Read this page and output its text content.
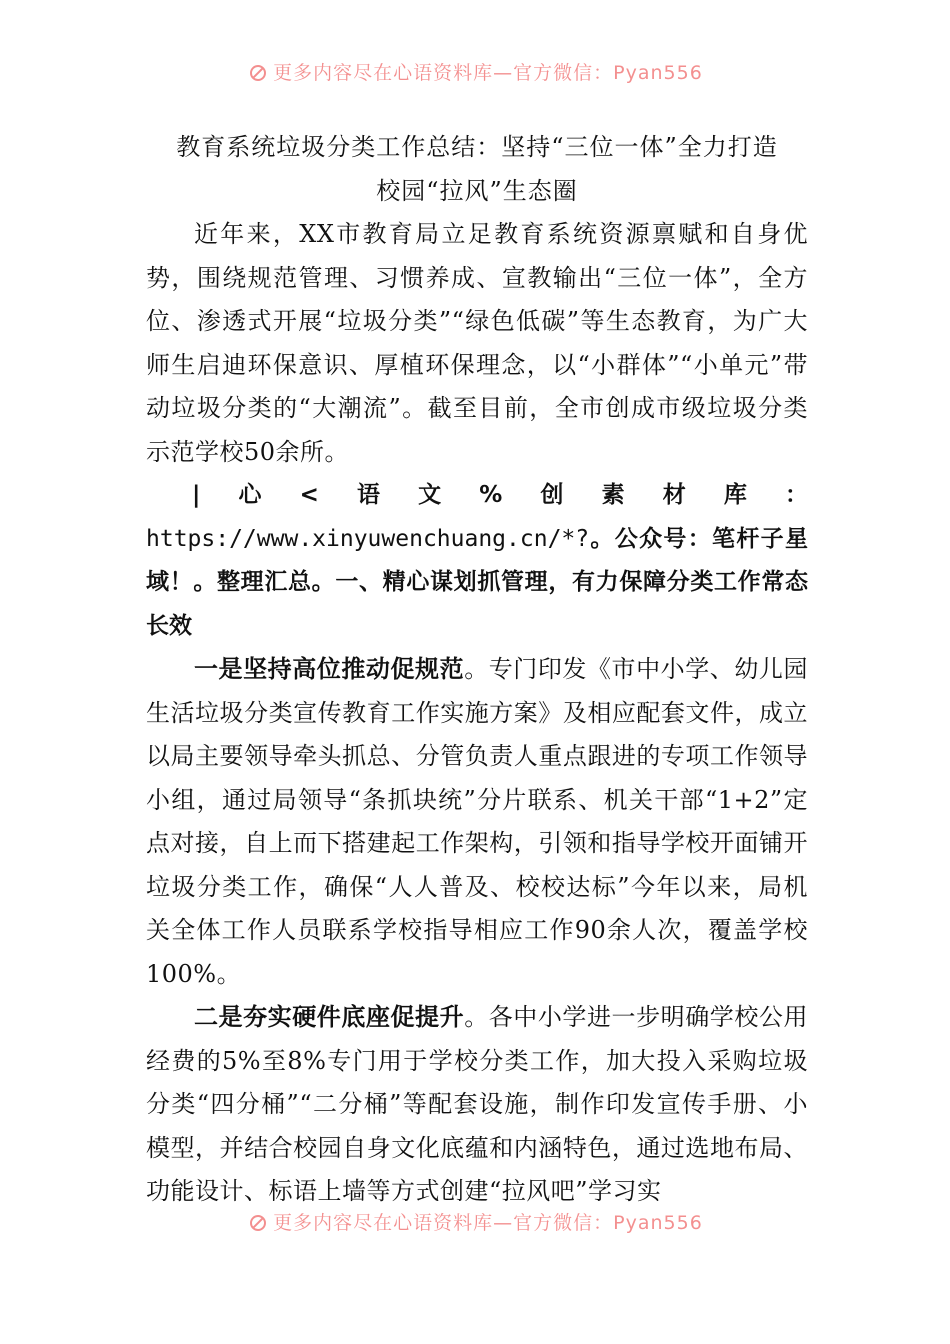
更多内容尽在心语资料库—官方微信：Pyan556

教育系统垃圾分类工作总结：坚持“三位一体”全力打造

校园“拉风”生态圈

近年来，XX市教育局立足教育系统资源禀赋和自身优势，围绕规范管理、习惯养成、宣教输出“三位一体”，全方位、渗透式开展“垃圾分类”“绿色低碳”等生态教育，为广大师生启迪环保意识、厚植环保理念，以“小群体”“小单元”带动垃圾分类的“大潮流”。截至目前，全市创成市级垃圾分类示范学校50余所。

|心<语文%创素材库：https://www.xinyuwenchuang.cn/*?。公众号：笔杆子星域！。整理汇总。一、精心谋划抓管理，有力保障分类工作常态长效

一是坚持高位推动促规范。专门印发《市中小学、幼儿园生活垃圾分类宣传教育工作实施方案》及相应配套文件，成立以局主要领导牵头抓总、分管负责人重点跟进的专项工作领导小组，通过局领导“条抓块统”分片联系、机关干部“1+2”定点对接，自上而下搭建起工作架构，引领和指导学校开面铺开垃圾分类工作，确保“人人普及、校校达标”今年以来，局机关全体工作人员联系学校指导相应工作90余人次，覆盖学校100%。

二是夯实硬件底座促提升。各中小学进一步明确学校公用经费的5%至8%专门用于学校分类工作，加大投入采购垃圾分类“四分桶”“二分桶”等配套设施，制作印发宣传手册、小模型，并结合校园自身文化底蕴和内涵特色，通过选地布局、功能设计、标语上墙等方式创建“拉风吧”学习实

更多内容尽在心语资料库—官方微信：Pyan556
